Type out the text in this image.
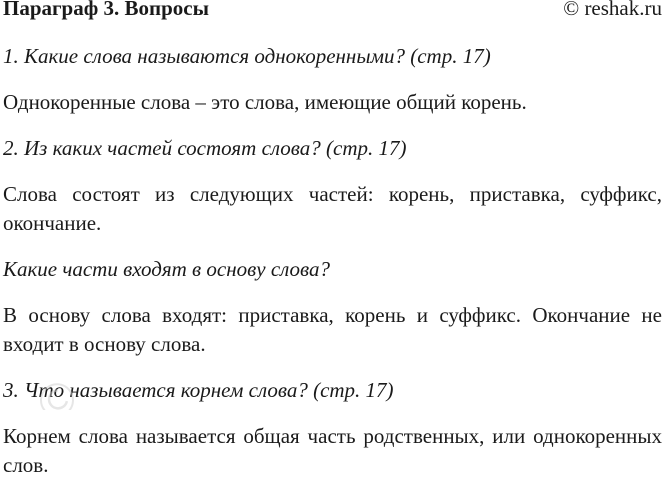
Параграф 3. Вопросы	© reshak.ru
1. Какие слова называются однокоренными? (стр. 17)
Однокоренные слова – это слова, имеющие общий корень.
2. Из каких частей состоят слова? (стр. 17)
Слова состоят из следующих частей: корень, приставка, суффикс, окончание.
Какие части входят в основу слова?
В основу слова входят: приставка, корень и суффикс. Окончание не входит в основу слова.
3. Что называется корнем слова? (стр. 17)
Корнем слова называется общая часть родственных, или однокоренных слов.
